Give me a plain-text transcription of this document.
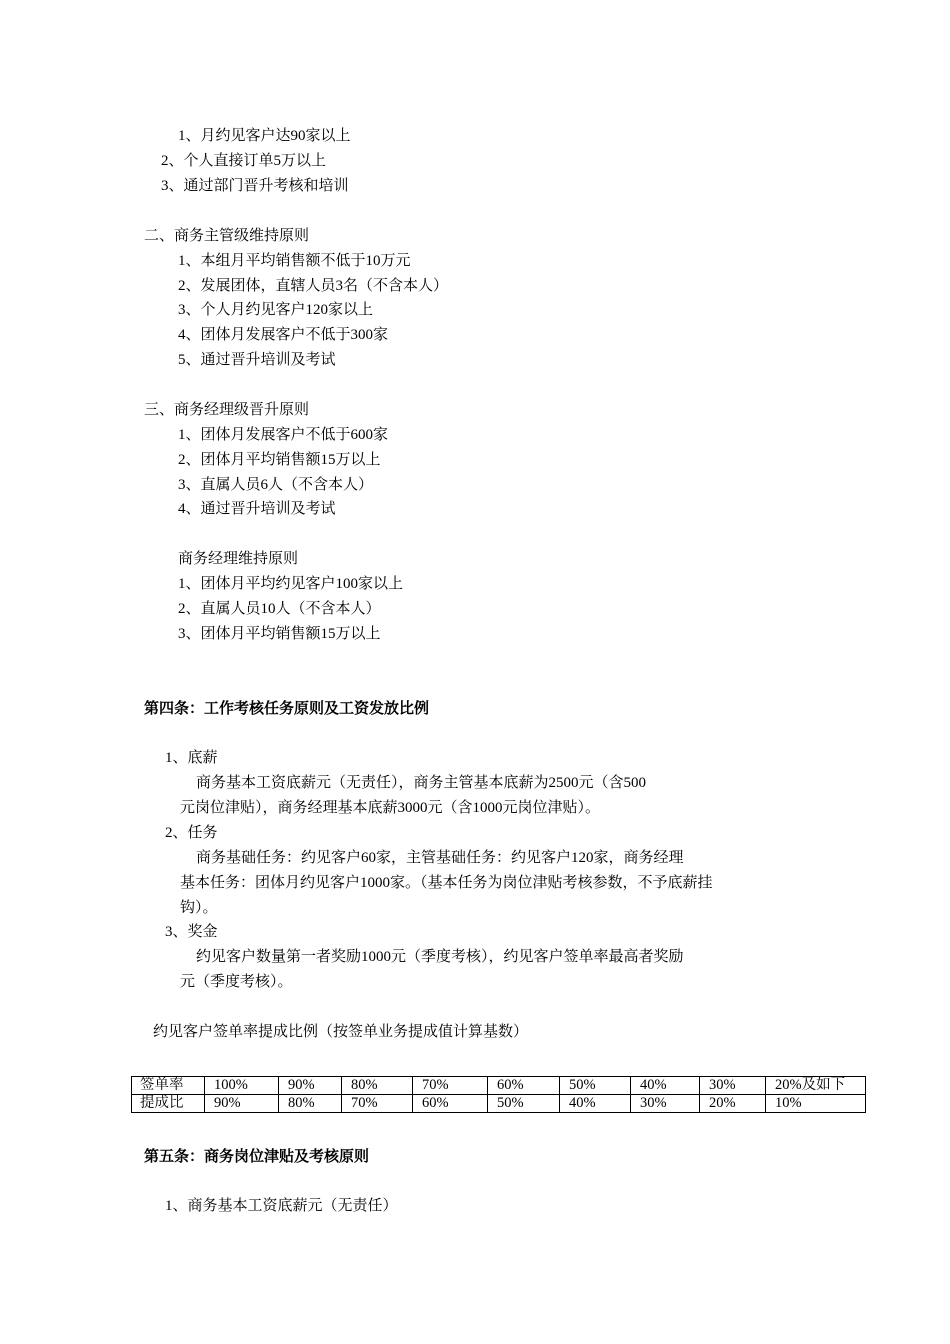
1、月约见客户达90家以上
2、个人直接订单5万以上
3、通过部门晋升考核和培训
二、商务主管级维持原则
1、本组月平均销售额不低于10万元
2、发展团体，直辖人员3名（不含本人）
3、个人月约见客户120家以上
4、团体月发展客户不低于300家
5、通过晋升培训及考试
三、商务经理级晋升原则
1、团体月发展客户不低于600家
2、团体月平均销售额15万以上
3、直属人员6人（不含本人）
4、通过晋升培训及考试
商务经理维持原则
1、团体月平均约见客户100家以上
2、直属人员10人（不含本人）
3、团体月平均销售额15万以上
第四条：工作考核任务原则及工资发放比例
1、底薪
商务基本工资底薪元（无责任），商务主管基本底薪为2500元（含500
元岗位津贴），商务经理基本底薪3000元（含1000元岗位津贴）。
2、任务
商务基础任务：约见客户60家，主管基础任务：约见客户120家，商务经理
基本任务：团体月约见客户1000家。（基本任务为岗位津贴考核参数，不予底薪挂
钩）。
3、奖金
约见客户数量第一者奖励1000元（季度考核），约见客户签单率最高者奖励
元（季度考核）。
约见客户签单率提成比例（按签单业务提成值计算基数）
签单率	100%	90%	80%	70%	60%	50%	40%	30%	20%及如下
提成比	90%	80%	70%	60%	50%	40%	30%	20%	10%
第五条：商务岗位津贴及考核原则
1、商务基本工资底薪元（无责任）
